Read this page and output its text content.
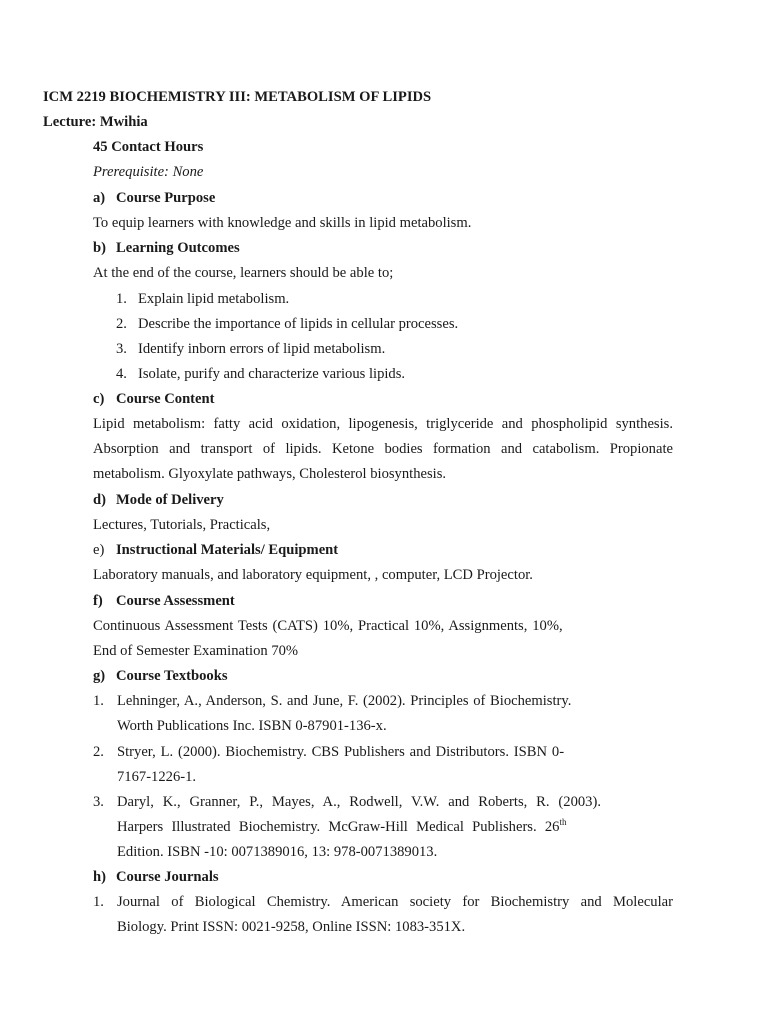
ICM 2219 BIOCHEMISTRY III: METABOLISM OF LIPIDS
Lecture: Mwihia
45 Contact Hours
Prerequisite: None
a) Course Purpose
To equip learners with knowledge and skills in lipid metabolism.
b) Learning Outcomes
At the end of the course, learners should be able to;
1. Explain lipid metabolism.
2. Describe the importance of lipids in cellular processes.
3. Identify inborn errors of lipid metabolism.
4. Isolate, purify and characterize various lipids.
c) Course Content
Lipid metabolism: fatty acid oxidation, lipogenesis, triglyceride and phospholipid synthesis.
Absorption and transport of lipids. Ketone bodies formation and catabolism. Propionate
metabolism. Glyoxylate pathways, Cholesterol biosynthesis.
d) Mode of Delivery
Lectures, Tutorials, Practicals,
e) Instructional Materials/ Equipment
Laboratory manuals, and laboratory equipment, , computer, LCD Projector.
f) Course Assessment
Continuous Assessment Tests (CATS) 10%, Practical 10%, Assignments, 10%,
End of Semester Examination 70%
g) Course Textbooks
1. Lehninger, A., Anderson, S. and June, F. (2002). Principles of Biochemistry.
Worth Publications Inc. ISBN 0-87901-136-x.
2. Stryer, L. (2000). Biochemistry. CBS Publishers and Distributors. ISBN 0-
7167-1226-1.
3. Daryl, K., Granner, P., Mayes, A., Rodwell, V.W. and Roberts, R. (2003).
Harpers Illustrated Biochemistry. McGraw-Hill Medical Publishers. 26th
Edition. ISBN -10: 0071389016, 13: 978-0071389013.
h) Course Journals
1. Journal of Biological Chemistry. American society for Biochemistry and Molecular
Biology. Print ISSN: 0021-9258, Online ISSN: 1083-351X.
